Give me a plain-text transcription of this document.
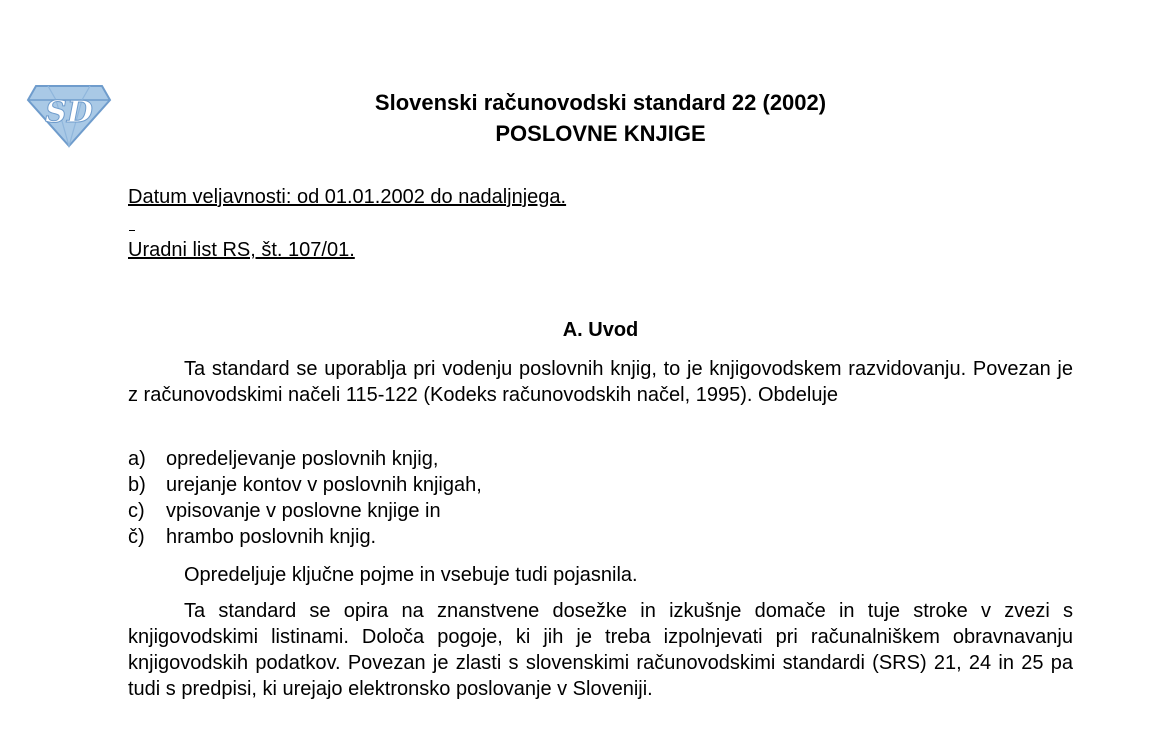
SD	Slovenski računovodski standard 22 (2002)
POSLOVNE KNJIGE
Datum veljavnosti: od 01.01.2002 do nadaljnjega.
Uradni list RS, št. 107/01.
A. Uvod

Ta standard se uporablja pri vodenju poslovnih knjig, to je knjigovodskem razvidovanju. Povezan je z računovodskimi načeli 115-122 (Kodeks računovodskih načel, 1995). Obdeluje

a) opredeljevanje poslovnih knjig,
b) urejanje kontov v poslovnih knjigah,
c) vpisovanje v poslovne knjige in
č) hrambo poslovnih knjig.

Opredeljuje ključne pojme in vsebuje tudi pojasnila.

Ta standard se opira na znanstvene dosežke in izkušnje domače in tuje stroke v zvezi s knjigovodskimi listinami. Določa pogoje, ki jih je treba izpolnjevati pri računalniškem obravnavanju knjigovodskih podatkov. Povezan je zlasti s slovenskimi računovodskimi standardi (SRS) 21, 24 in 25 pa tudi s predpisi, ki urejajo elektronsko poslovanje v Sloveniji.
